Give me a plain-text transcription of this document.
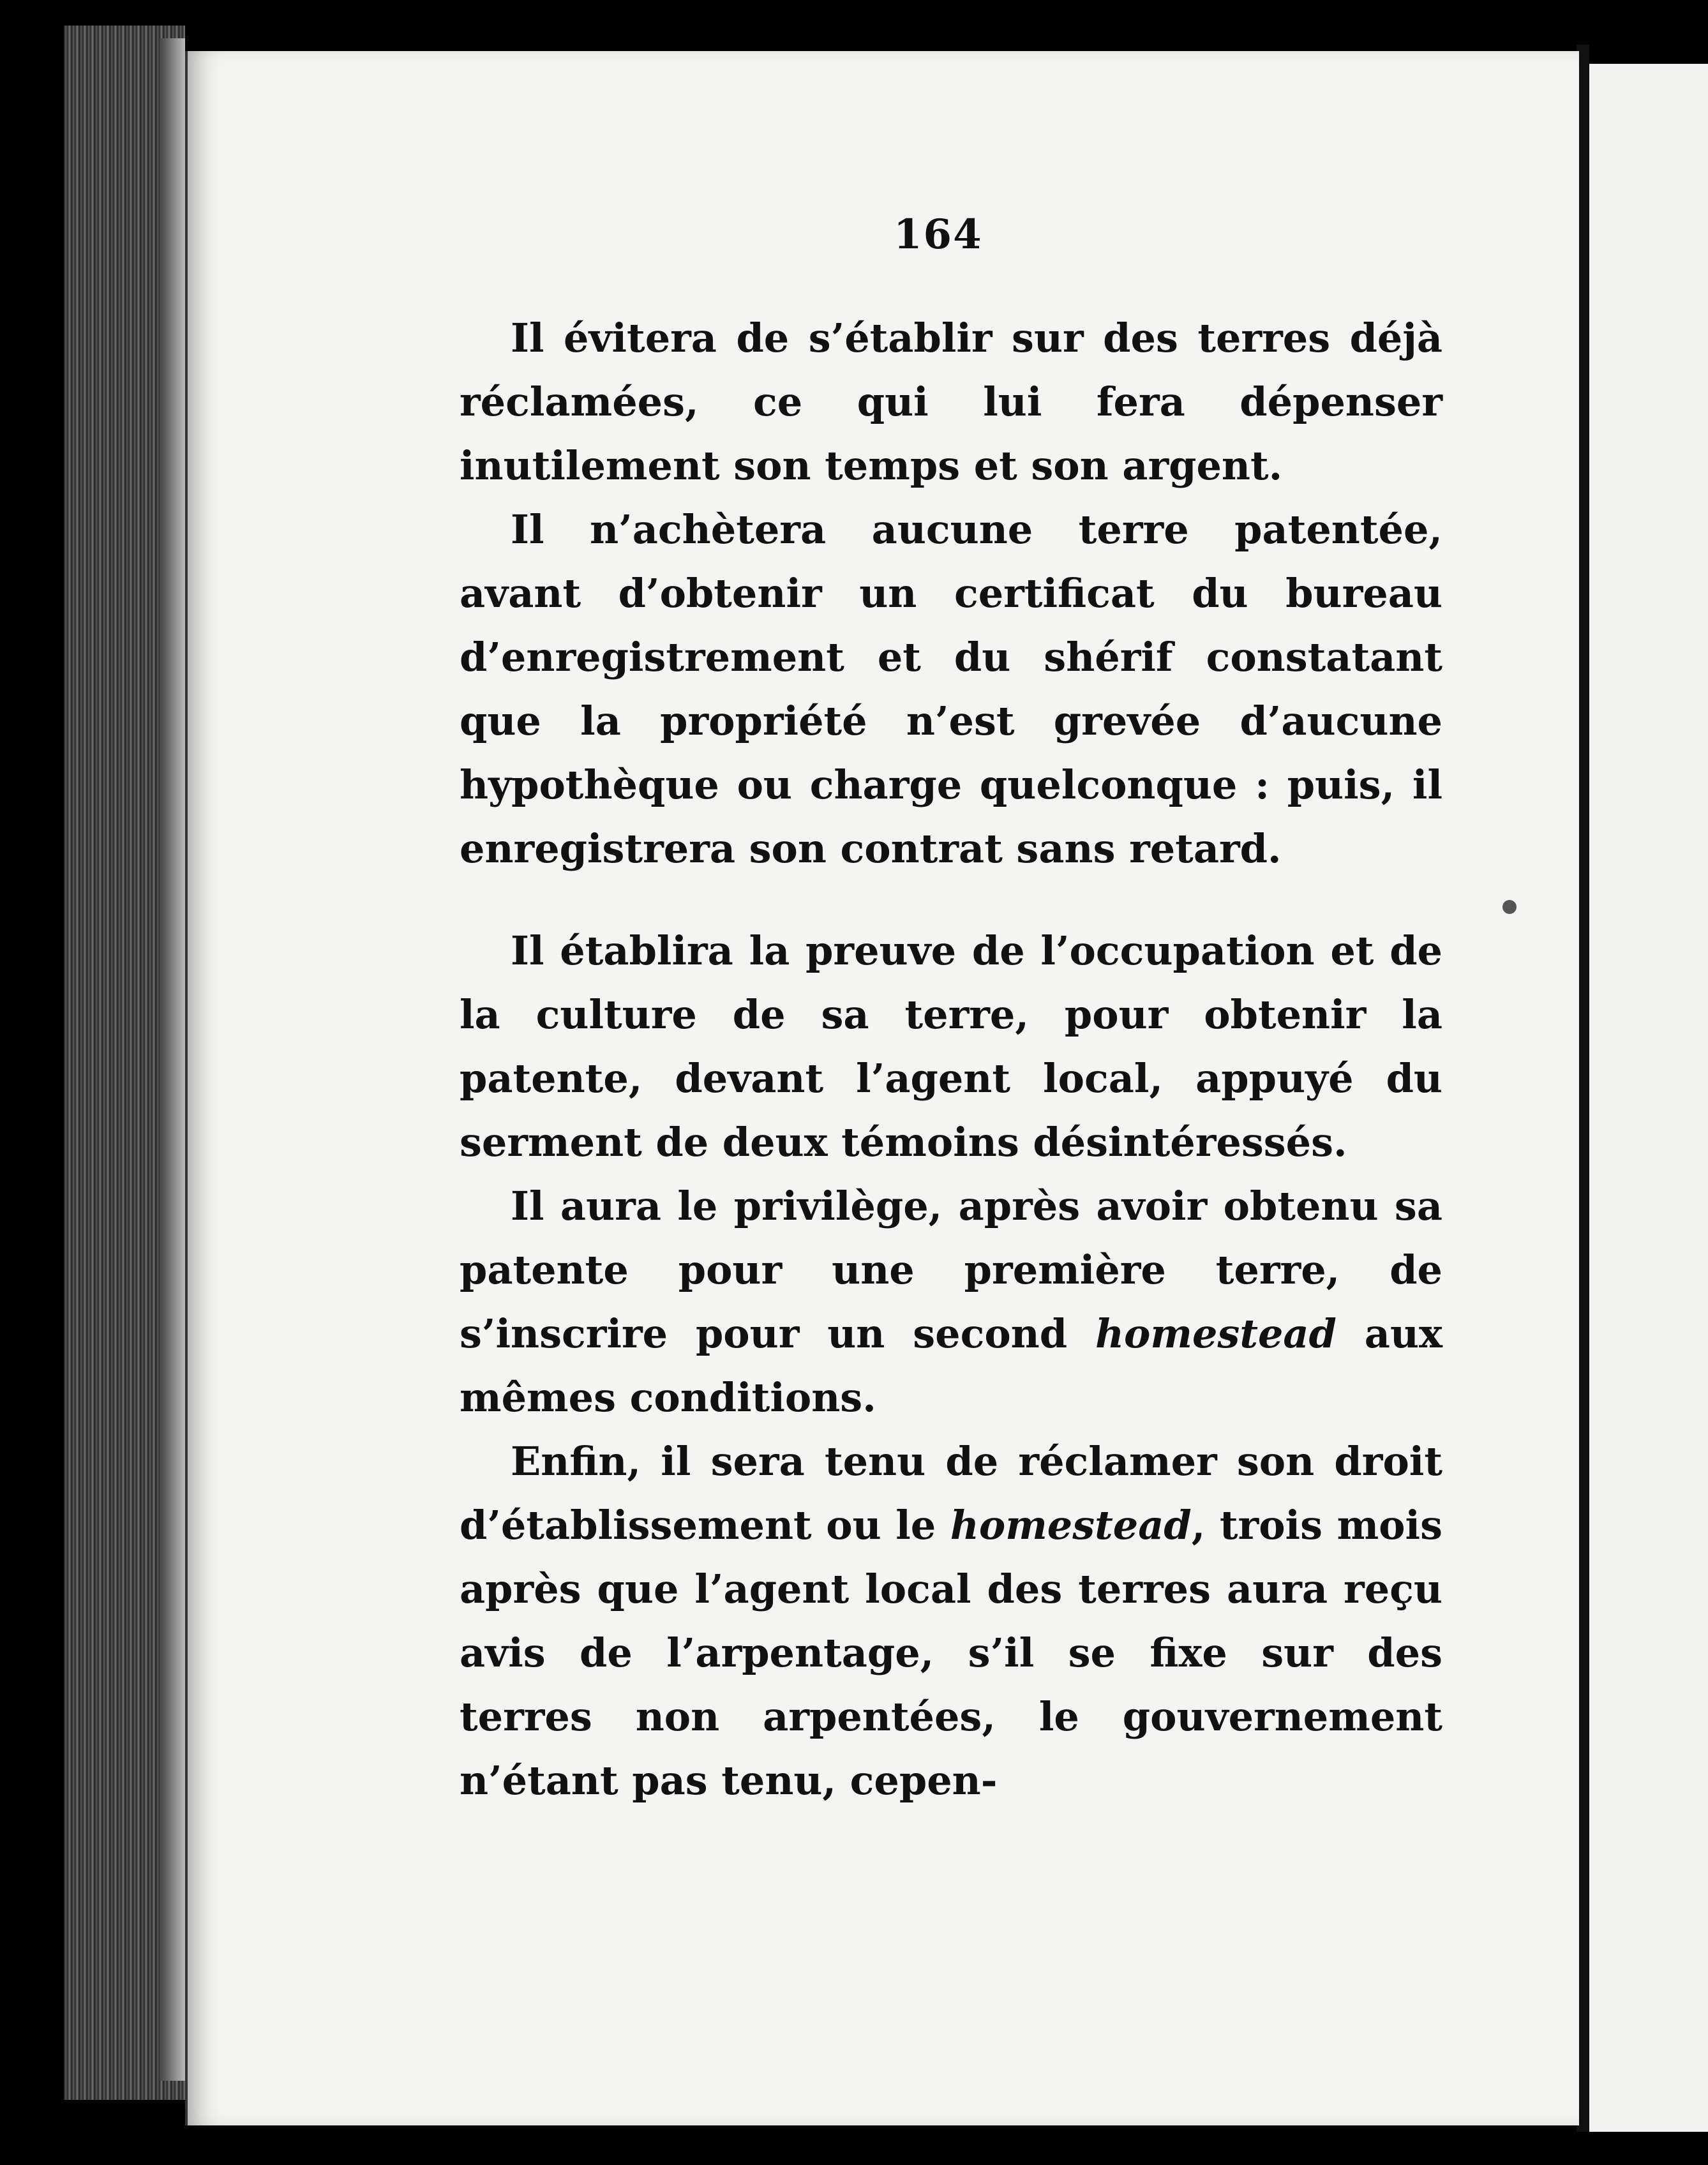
164

Il évitera de s’établir sur des terres déjà réclamées, ce qui lui fera dépenser inutilement son temps et son argent.

Il n’achètera aucune terre patentée, avant d’obtenir un certificat du bureau d’enregistrement et du shérif constatant que la propriété n’est grevée d’aucune hypothèque ou charge quelconque : puis, il enregistrera son contrat sans retard.

Il établira la preuve de l’occupation et de la culture de sa terre, pour obtenir la patente, devant l’agent local, appuyé du serment de deux témoins désintéressés.

Il aura le privilège, après avoir obtenu sa patente pour une première terre, de s’inscrire pour un second homestead aux mêmes conditions.

Enfin, il sera tenu de réclamer son droit d’établissement ou le homestead, trois mois après que l’agent local des terres aura reçu avis de l’arpentage, s’il se fixe sur des terres non arpentées, le gouvernement n’étant pas tenu, cepen-
